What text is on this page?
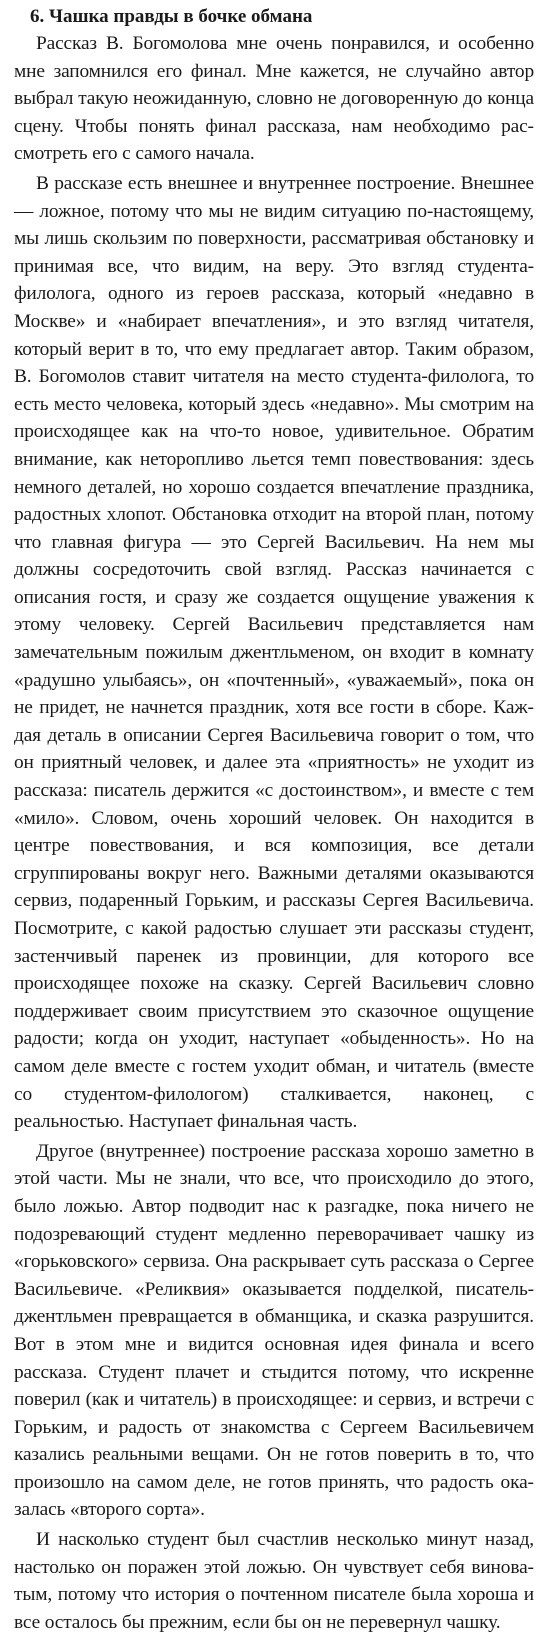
6. Чашка правды в бочке обмана

Рассказ В. Богомолова мне очень понравился, и особенно мне запомнился его финал. Мне кажется, не случайно автор выбрал такую неожиданную, словно не договоренную до конца сцену. Чтобы понять финал рассказа, нам необходимо рассмотреть его с самого начала.

В рассказе есть внешнее и внутреннее построение. Внешнее — ложное, потому что мы не видим ситуацию по-настоящему, мы лишь скользим по поверхности, рассматривая обстановку и принимая все, что видим, на веру. Это взгляд студента-филолога, одного из героев рассказа, который «недавно в Москве» и «набирает впечатления», и это взгляд читателя, который верит в то, что ему предлагает автор. Таким образом, В. Богомолов ставит читателя на место студента-филолога, то есть место человека, который здесь «недавно». Мы смотрим на происходящее как на что-то новое, удивительное. Обратим внимание, как неторопливо льется темп повествования: здесь немного деталей, но хорошо создается впечатление праздника, радостных хлопот. Обстановка отходит на второй план, потому что главная фигура — это Сергей Васильевич. На нем мы должны сосредоточить свой взгляд. Рассказ начинается с описания гостя, и сразу же создается ощущение уважения к этому человеку. Сергей Васильевич представляется нам замечательным пожилым джентльменом, он входит в комнату «радушно улыбаясь», он «почтенный», «уважаемый», пока он не придет, не начнется праздник, хотя все гости в сборе. Каждая деталь в описании Сергея Васильевича говорит о том, что он приятный человек, и далее эта «приятность» не уходит из рассказа: писатель держится «с достоинством», и вместе с тем «мило». Словом, очень хороший человек. Он находится в центре повествования, и вся композиция, все детали сгруппированы вокруг него. Важными деталями оказываются сервиз, подаренный Горьким, и рассказы Сергея Васильевича. Посмотрите, с какой радостью слушает эти рассказы студент, застенчивый паренек из провинции, для которого все происходящее похоже на сказку. Сергей Васильевич словно поддерживает своим присутствием это сказочное ощущение радости; когда он уходит, наступает «обыденность». Но на самом деле вместе с гостем уходит обман, и читатель (вместе со студентом-филологом) сталкивается, наконец, с реальностью. Наступает финальная часть.

Другое (внутреннее) построение рассказа хорошо заметно в этой части. Мы не знали, что все, что происходило до этого, было ложью. Автор подводит нас к разгадке, пока ничего не подозревающий студент медленно переворачивает чашку из «горьковского» сервиза. Она раскрывает суть рассказа о Сергее Васильевиче. «Реликвия» оказывается подделкой, писатель-джентльмен превращается в обманщика, и сказка разрушится. Вот в этом мне и видится основная идея финала и всего рассказа. Студент плачет и стыдится потому, что искренне поверил (как и читатель) в происходящее: и сервиз, и встречи с Горьким, и радость от знакомства с Сергеем Васильевичем казались реальными вещами. Он не готов поверить в то, что произошло на самом деле, не готов принять, что радость оказалась «второго сорта».

И насколько студент был счастлив несколько минут назад, настолько он поражен этой ложью. Он чувствует себя виноватым, потому что история о почтенном писателе была хороша и все осталось бы прежним, если бы он не перевернул чашку.
